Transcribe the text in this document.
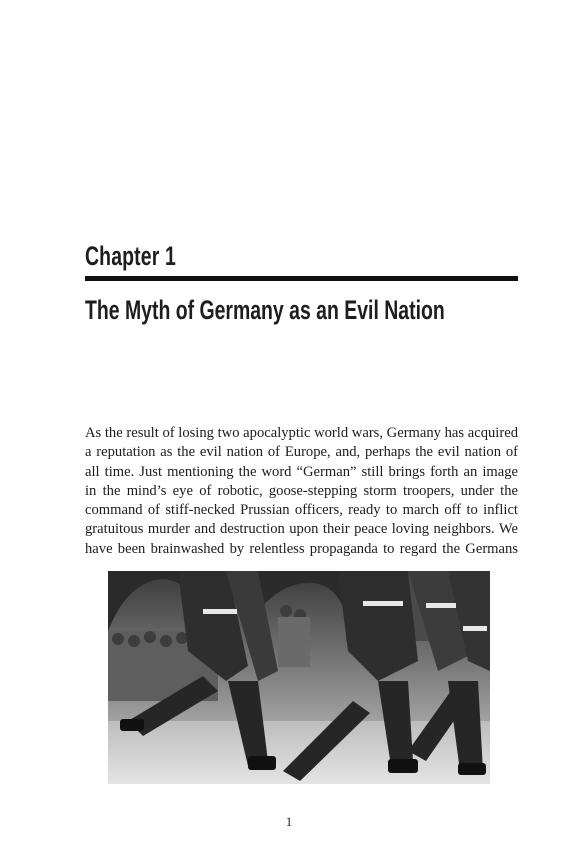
Chapter 1
The Myth of Germany as an Evil Nation
As the result of losing two apocalyptic world wars, Germany has acquired
a reputation as the evil nation of Europe, and, perhaps the evil nation of
all time. Just mentioning the word “German” still brings forth an image
in the mind’s eye of robotic, goose-stepping storm troopers, under the
command of stiff-necked Prussian officers, ready to march off to inflict
gratuitous murder and destruction upon their peace loving neighbors. We
have been brainwashed by relentless propaganda to regard the Germans
1
